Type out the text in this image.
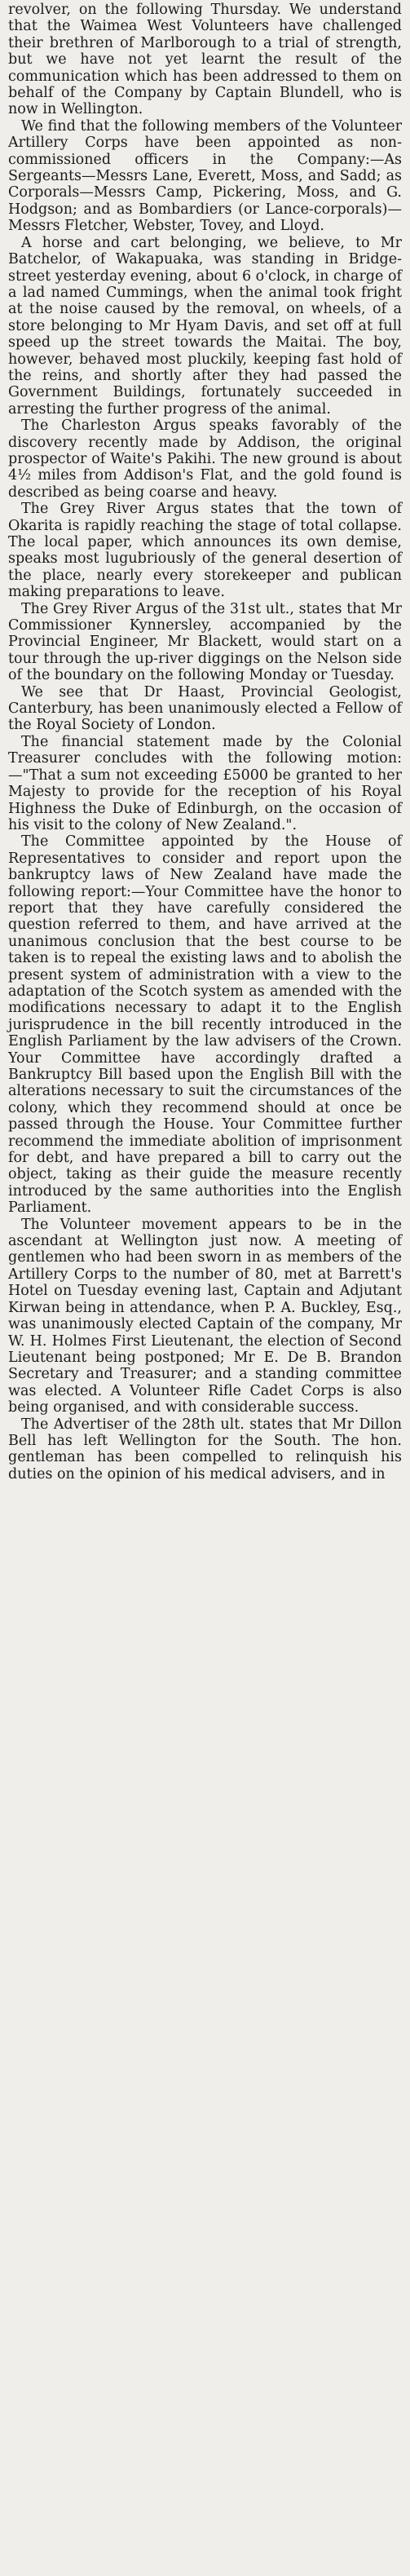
revolver, on the following Thursday. We understand that the Waimea West Volunteers have challenged their brethren of Marlborough to a trial of strength, but we have not yet learnt the result of the communication which has been addressed to them on behalf of the Company by Captain Blundell, who is now in Wellington.

We find that the following members of the Volunteer Artillery Corps have been appointed as non-commissioned officers in the Company:—As Sergeants—Messrs Lane, Everett, Moss, and Sadd; as Corporals—Messrs Camp, Pickering, Moss, and G. Hodgson; and as Bombardiers (or Lance-corporals)—Messrs Fletcher, Webster, Tovey, and Lloyd.

A horse and cart belonging, we believe, to Mr Batchelor, of Wakapuaka, was standing in Bridge-street yesterday evening, about 6 o'clock, in charge of a lad named Cummings, when the animal took fright at the noise caused by the removal, on wheels, of a store belonging to Mr Hyam Davis, and set off at full speed up the street towards the Maitai. The boy, however, behaved most pluckily, keeping fast hold of the reins, and shortly after they had passed the Government Buildings, fortunately succeeded in arresting the further progress of the animal.

The Charleston Argus speaks favorably of the discovery recently made by Addison, the original prospector of Waite's Pakihi. The new ground is about 4½ miles from Addison's Flat, and the gold found is described as being coarse and heavy.

The Grey River Argus states that the town of Okarita is rapidly reaching the stage of total collapse. The local paper, which announces its own demise, speaks most lugubriously of the general desertion of the place, nearly every storekeeper and publican making preparations to leave.

The Grey River Argus of the 31st ult., states that Mr Commissioner Kynnersley, accompanied by the Provincial Engineer, Mr Blackett, would start on a tour through the up-river diggings on the Nelson side of the boundary on the following Monday or Tuesday.

We see that Dr Haast, Provincial Geologist, Canterbury, has been unanimously elected a Fellow of the Royal Society of London.

The financial statement made by the Colonial Treasurer concludes with the following motion:—"That a sum not exceeding £5000 be granted to her Majesty to provide for the reception of his Royal Highness the Duke of Edinburgh, on the occasion of his visit to the colony of New Zealand.".

The Committee appointed by the House of Representatives to consider and report upon the bankruptcy laws of New Zealand have made the following report:—Your Committee have the honor to report that they have carefully considered the question referred to them, and have arrived at the unanimous conclusion that the best course to be taken is to repeal the existing laws and to abolish the present system of administration with a view to the adaptation of the Scotch system as amended with the modifications necessary to adapt it to the English jurisprudence in the bill recently introduced in the English Parliament by the law advisers of the Crown. Your Committee have accordingly drafted a Bankruptcy Bill based upon the English Bill with the alterations necessary to suit the circumstances of the colony, which they recommend should at once be passed through the House. Your Committee further recommend the immediate abolition of imprisonment for debt, and have prepared a bill to carry out the object, taking as their guide the measure recently introduced by the same authorities into the English Parliament.

The Volunteer movement appears to be in the ascendant at Wellington just now. A meeting of gentlemen who had been sworn in as members of the Artillery Corps to the number of 80, met at Barrett's Hotel on Tuesday evening last, Captain and Adjutant Kirwan being in attendance, when P. A. Buckley, Esq., was unanimously elected Captain of the company, Mr W. H. Holmes First Lieutenant, the election of Second Lieutenant being postponed; Mr E. De B. Brandon Secretary and Treasurer; and a standing committee was elected. A Volunteer Rifle Cadet Corps is also being organised, and with considerable success.

The Advertiser of the 28th ult. states that Mr Dillon Bell has left Wellington for the South. The hon. gentleman has been compelled to relinquish his duties on the opinion of his medical advisers, and in
